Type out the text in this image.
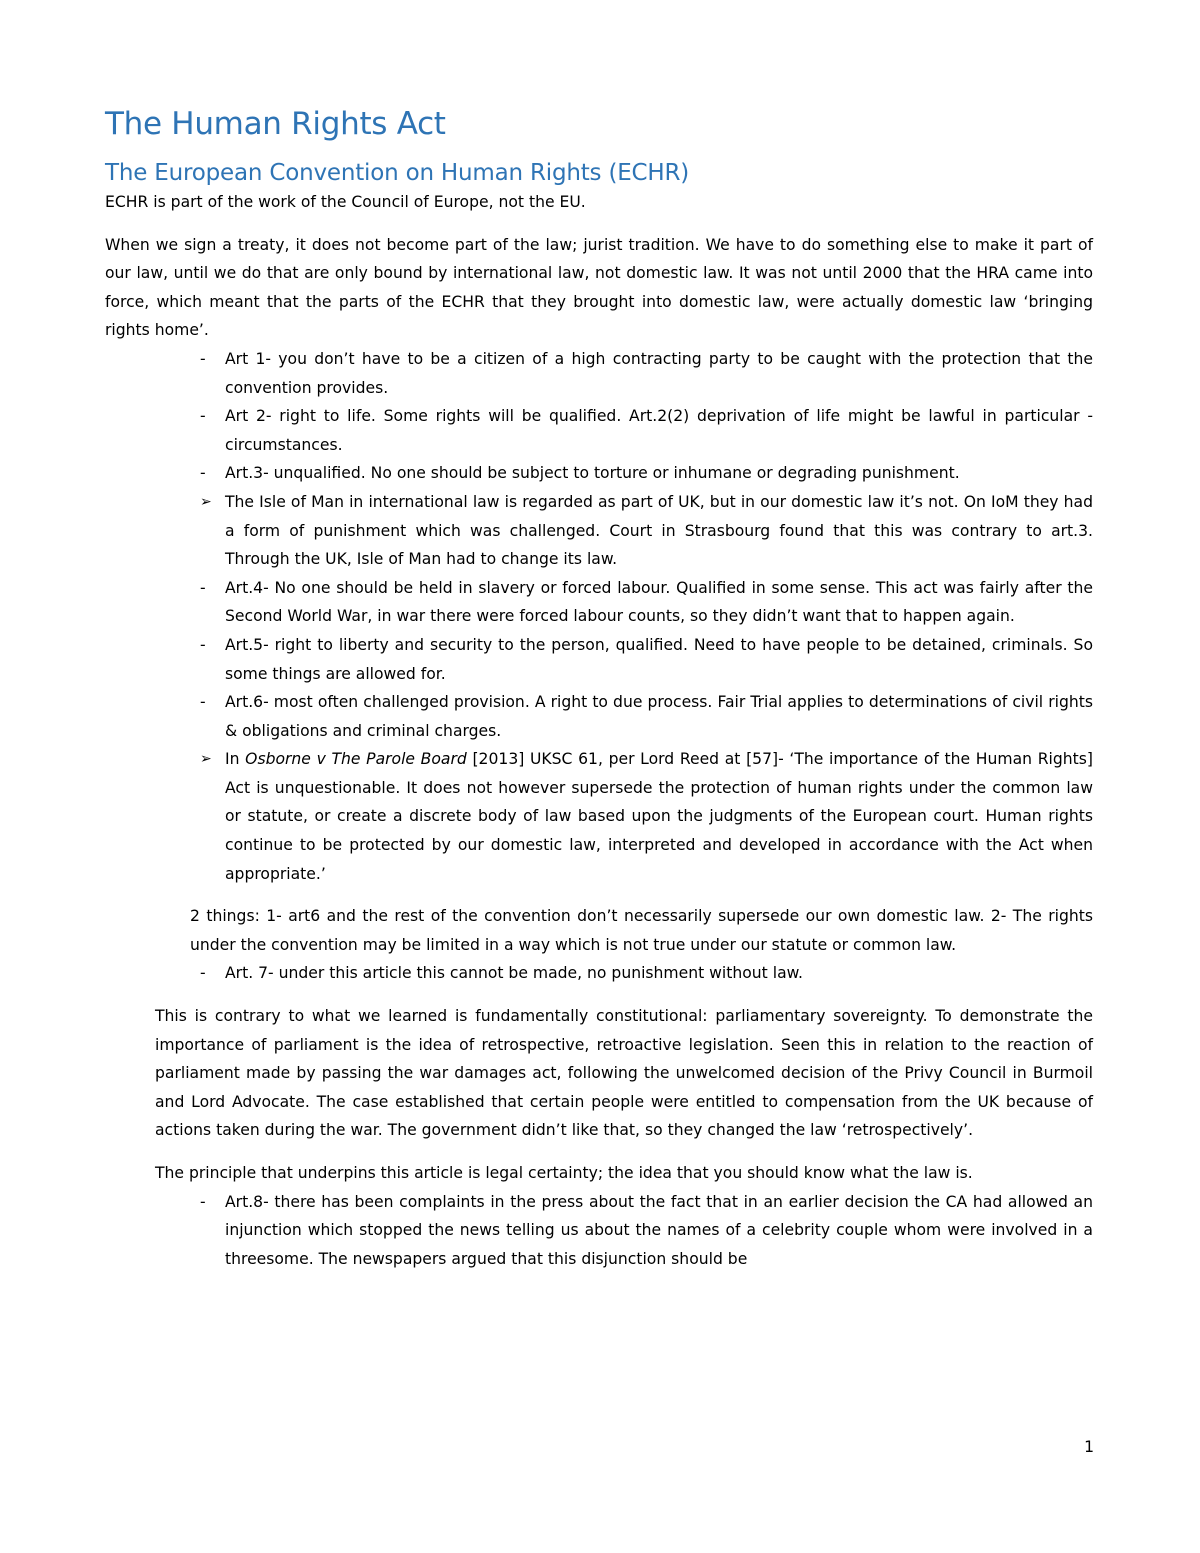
The Human Rights Act
The European Convention on Human Rights (ECHR)

ECHR is part of the work of the Council of Europe, not the EU.

When we sign a treaty, it does not become part of the law; jurist tradition. We have to do something else to make it part of our law, until we do that are only bound by international law, not domestic law. It was not until 2000 that the HRA came into force, which meant that the parts of the ECHR that they brought into domestic law, were actually domestic law ‘bringing rights home’.

-	Art 1- you don’t have to be a citizen of a high contracting party to be caught with the protection that the convention provides.
-	Art 2- right to life. Some rights will be qualified. Art.2(2) deprivation of life might be lawful in particular - circumstances.
-	Art.3- unqualified. No one should be subject to torture or inhumane or degrading punishment.
➢ The Isle of Man in international law is regarded as part of UK, but in our domestic law it’s not. On IoM they had a form of punishment which was challenged. Court in Strasbourg found that this was contrary to art.3. Through the UK, Isle of Man had to change its law.
-	Art.4- No one should be held in slavery or forced labour. Qualified in some sense. This act was fairly after the Second World War, in war there were forced labour counts, so they didn’t want that to happen again.
-	Art.5- right to liberty and security to the person, qualified. Need to have people to be detained, criminals. So some things are allowed for.
-	Art.6- most often challenged provision. A right to due process. Fair Trial applies to determinations of civil rights & obligations and criminal charges.
➢ In Osborne v The Parole Board [2013] UKSC 61, per Lord Reed at [57]- ‘The importance of the Human Rights] Act is unquestionable. It does not however supersede the protection of human rights under the common law or statute, or create a discrete body of law based upon the judgments of the European court. Human rights continue to be protected by our domestic law, interpreted and developed in accordance with the Act when appropriate.’
2 things: 1- art6 and the rest of the convention don’t necessarily supersede our own domestic law. 2- The rights under the convention may be limited in a way which is not true under our statute or common law.
-	Art. 7- under this article this cannot be made, no punishment without law.
This is contrary to what we learned is fundamentally constitutional: parliamentary sovereignty. To demonstrate the importance of parliament is the idea of retrospective, retroactive legislation. Seen this in relation to the reaction of parliament made by passing the war damages act, following the unwelcomed decision of the Privy Council in Burmoil and Lord Advocate. The case established that certain people were entitled to compensation from the UK because of actions taken during the war. The government didn’t like that, so they changed the law ‘retrospectively’.
The principle that underpins this article is legal certainty; the idea that you should know what the law is.
-	Art.8- there has been complaints in the press about the fact that in an earlier decision the CA had allowed an injunction which stopped the news telling us about the names of a celebrity couple whom were involved in a threesome. The newspapers argued that this disjunction should be
1
